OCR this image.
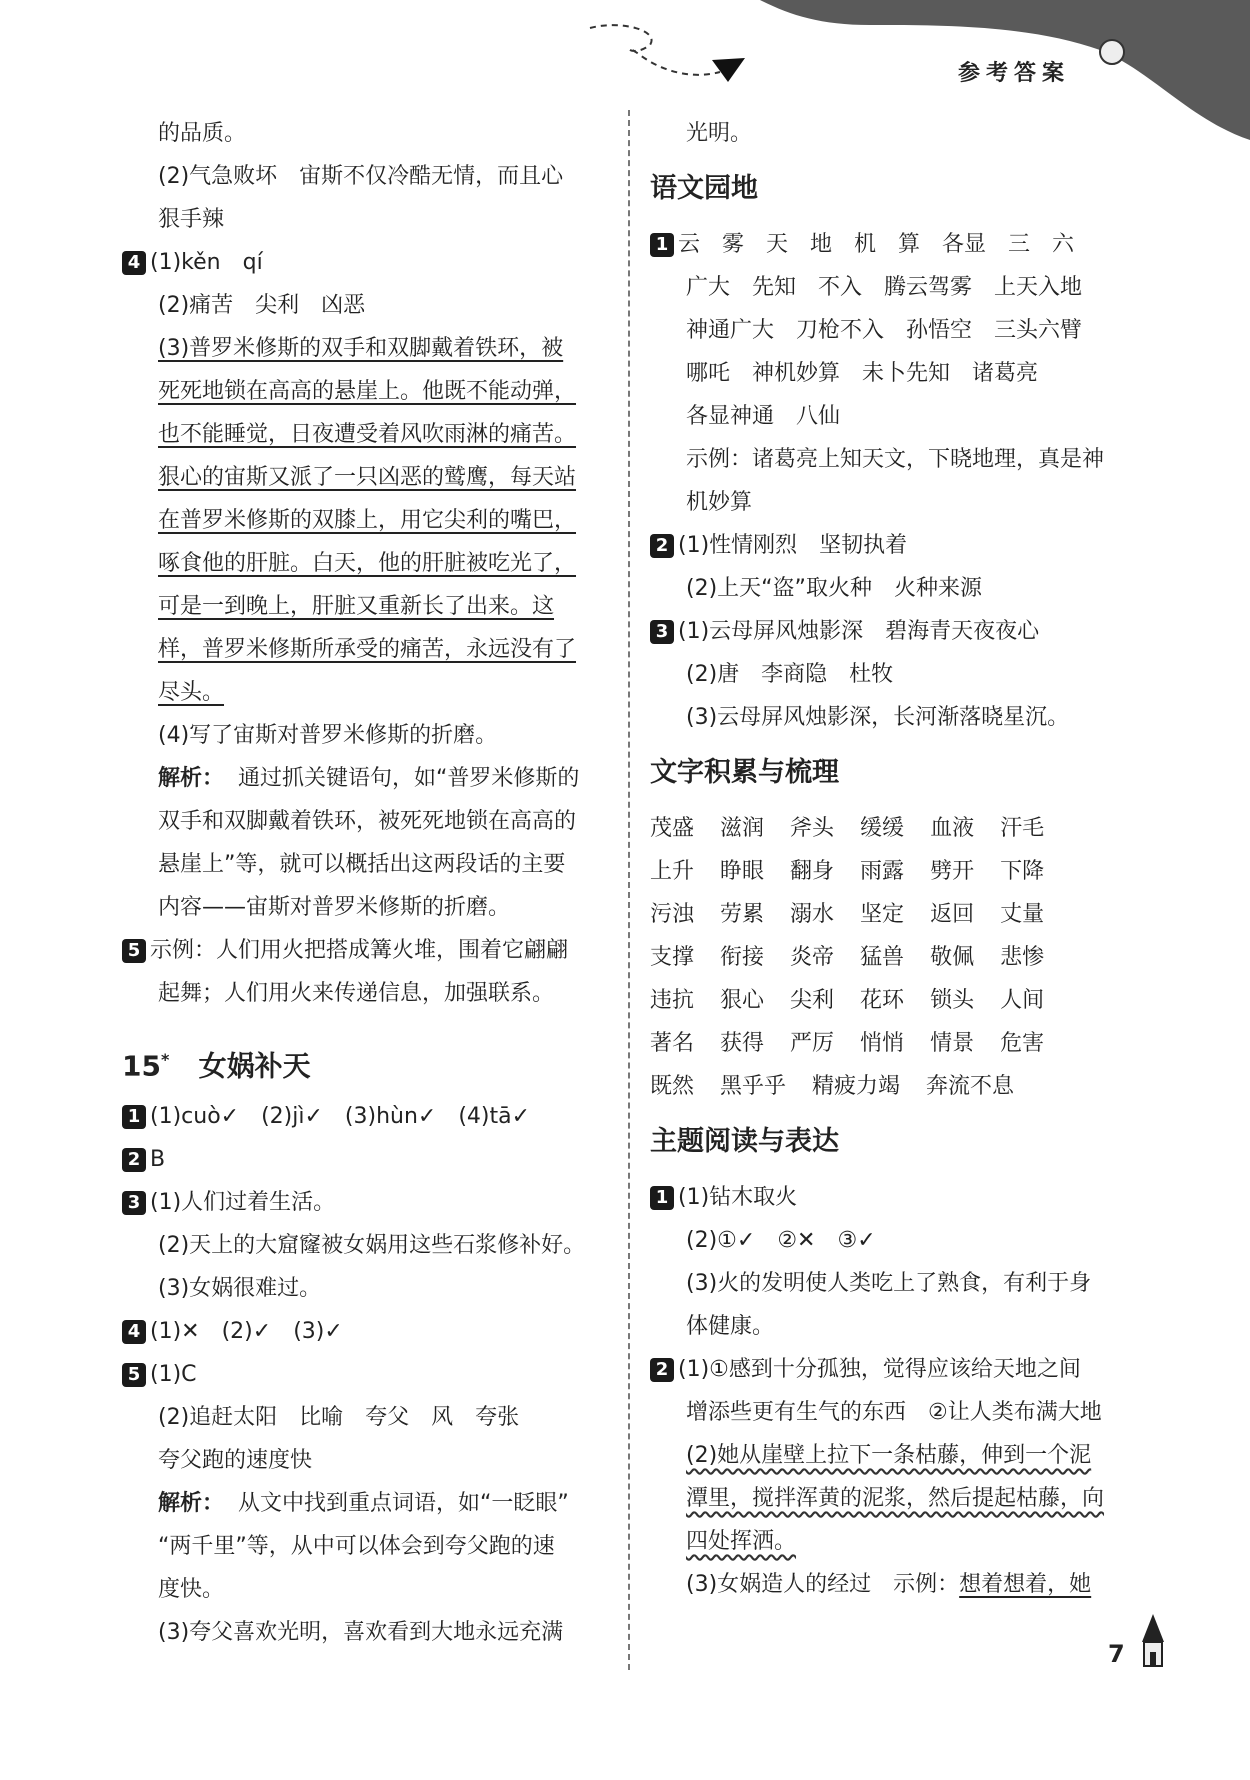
参考答案
的品质。
(2)气急败坏　宙斯不仅冷酷无情，而且心
狠手辣
4 (1)kěn　qí
(2)痛苦　尖利　凶恶
(3)普罗米修斯的双手和双脚戴着铁环，被
死死地锁在高高的悬崖上。他既不能动弹，
也不能睡觉，日夜遭受着风吹雨淋的痛苦。
狠心的宙斯又派了一只凶恶的鹫鹰，每天站
在普罗米修斯的双膝上，用它尖利的嘴巴，
啄食他的肝脏。白天，他的肝脏被吃光了，
可是一到晚上，肝脏又重新长了出来。这
样，普罗米修斯所承受的痛苦，永远没有了
尽头。
(4)写了宙斯对普罗米修斯的折磨。
解析： 通过抓关键语句，如“普罗米修斯的
双手和双脚戴着铁环，被死死地锁在高高的
悬崖上”等，就可以概括出这两段话的主要
内容——宙斯对普罗米修斯的折磨。
5 示例：人们用火把搭成篝火堆，围着它翩翩
起舞；人们用火来传递信息，加强联系。
15* 女娲补天
1 (1)cuò✓　(2)jì✓　(3)hùn✓　(4)tā✓
2 B
3 (1)人们过着生活。
(2)天上的大窟窿被女娲用这些石浆修补好。
(3)女娲很难过。
4 (1)✕　(2)✓　(3)✓
5 (1)C
(2)追赶太阳　比喻　夸父　风　夸张
夸父跑的速度快
解析： 从文中找到重点词语，如“一眨眼”
“两千里”等，从中可以体会到夸父跑的速
度快。
(3)夸父喜欢光明，喜欢看到大地永远充满
光明。
语文园地
1 云　雾　天　地　机　算　各显　三　六
广大　先知　不入　腾云驾雾　上天入地
神通广大　刀枪不入　孙悟空　三头六臂
哪吒　神机妙算　未卜先知　诸葛亮
各显神通　八仙
示例：诸葛亮上知天文，下晓地理，真是神
机妙算
2 (1)性情刚烈　坚韧执着
(2)上天“盗”取火种　火种来源
3 (1)云母屏风烛影深　碧海青天夜夜心
(2)唐　李商隐　杜牧
(3)云母屏风烛影深，长河渐落晓星沉。
文字积累与梳理
茂盛 滋润 斧头 缓缓 血液 汗毛
上升 睁眼 翻身 雨露 劈开 下降
污浊 劳累 溺水 坚定 返回 丈量
支撑 衔接 炎帝 猛兽 敬佩 悲惨
违抗 狠心 尖利 花环 锁头 人间
著名 获得 严厉 悄悄 情景 危害
既然 黑乎乎 精疲力竭 奔流不息
主题阅读与表达
1 (1)钻木取火
(2)①✓　②✕　③✓
(3)火的发明使人类吃上了熟食，有利于身
体健康。
2 (1)①感到十分孤独，觉得应该给天地之间
增添些更有生气的东西　②让人类布满大地
(2)她从崖壁上拉下一条枯藤，伸到一个泥
潭里，搅拌浑黄的泥浆，然后提起枯藤，向
四处挥洒。
(3)女娲造人的经过　示例：想着想着，她
7
